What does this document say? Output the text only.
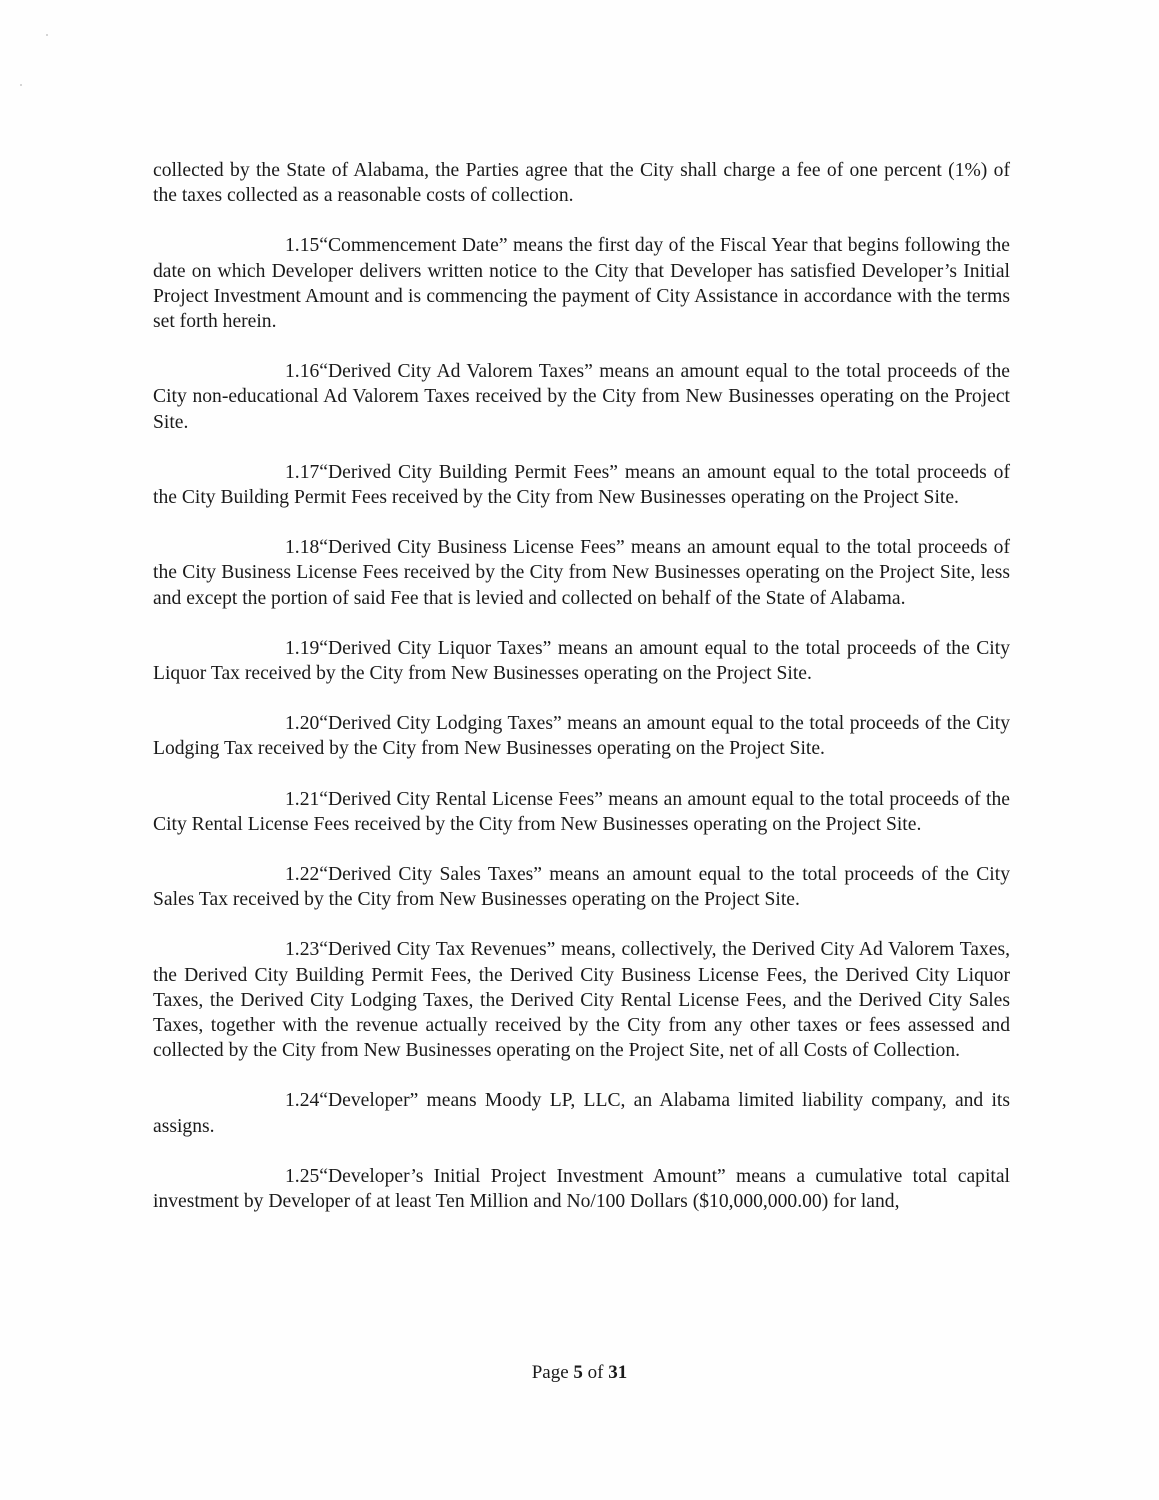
collected by the State of Alabama, the Parties agree that the City shall charge a fee of one percent (1%) of the taxes collected as a reasonable costs of collection.

1.15“Commencement Date” means the first day of the Fiscal Year that begins following the date on which Developer delivers written notice to the City that Developer has satisfied Developer’s Initial Project Investment Amount and is commencing the payment of City Assistance in accordance with the terms set forth herein.

1.16“Derived City Ad Valorem Taxes” means an amount equal to the total proceeds of the City non-educational Ad Valorem Taxes received by the City from New Businesses operating on the Project Site.

1.17“Derived City Building Permit Fees” means an amount equal to the total proceeds of the City Building Permit Fees received by the City from New Businesses operating on the Project Site.

1.18“Derived City Business License Fees” means an amount equal to the total proceeds of the City Business License Fees received by the City from New Businesses operating on the Project Site, less and except the portion of said Fee that is levied and collected on behalf of the State of Alabama.

1.19“Derived City Liquor Taxes” means an amount equal to the total proceeds of the City Liquor Tax received by the City from New Businesses operating on the Project Site.

1.20“Derived City Lodging Taxes” means an amount equal to the total proceeds of the City Lodging Tax received by the City from New Businesses operating on the Project Site.

1.21“Derived City Rental License Fees” means an amount equal to the total proceeds of the City Rental License Fees received by the City from New Businesses operating on the Project Site.

1.22“Derived City Sales Taxes” means an amount equal to the total proceeds of the City Sales Tax received by the City from New Businesses operating on the Project Site.

1.23“Derived City Tax Revenues” means, collectively, the Derived City Ad Valorem Taxes, the Derived City Building Permit Fees, the Derived City Business License Fees, the Derived City Liquor Taxes, the Derived City Lodging Taxes, the Derived City Rental License Fees, and the Derived City Sales Taxes, together with the revenue actually received by the City from any other taxes or fees assessed and collected by the City from New Businesses operating on the Project Site, net of all Costs of Collection.

1.24“Developer” means Moody LP, LLC, an Alabama limited liability company, and its assigns.

1.25“Developer’s Initial Project Investment Amount” means a cumulative total capital investment by Developer of at least Ten Million and No/100 Dollars ($10,000,000.00) for land,

Page 5 of 31
